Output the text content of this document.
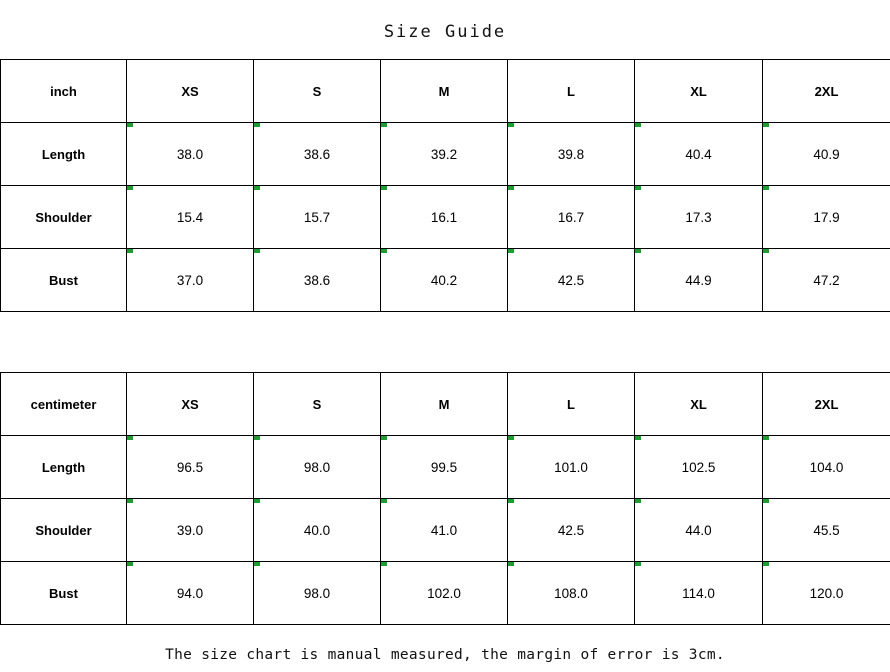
Size Guide
inch	XS	S	M	L	XL	2XL
Length	38.0	38.6	39.2	39.8	40.4	40.9
Shoulder	15.4	15.7	16.1	16.7	17.3	17.9
Bust	37.0	38.6	40.2	42.5	44.9	47.2
centimeter	XS	S	M	L	XL	2XL
Length	96.5	98.0	99.5	101.0	102.5	104.0
Shoulder	39.0	40.0	41.0	42.5	44.0	45.5
Bust	94.0	98.0	102.0	108.0	114.0	120.0
The size chart is manual measured, the margin of error is 3cm.
